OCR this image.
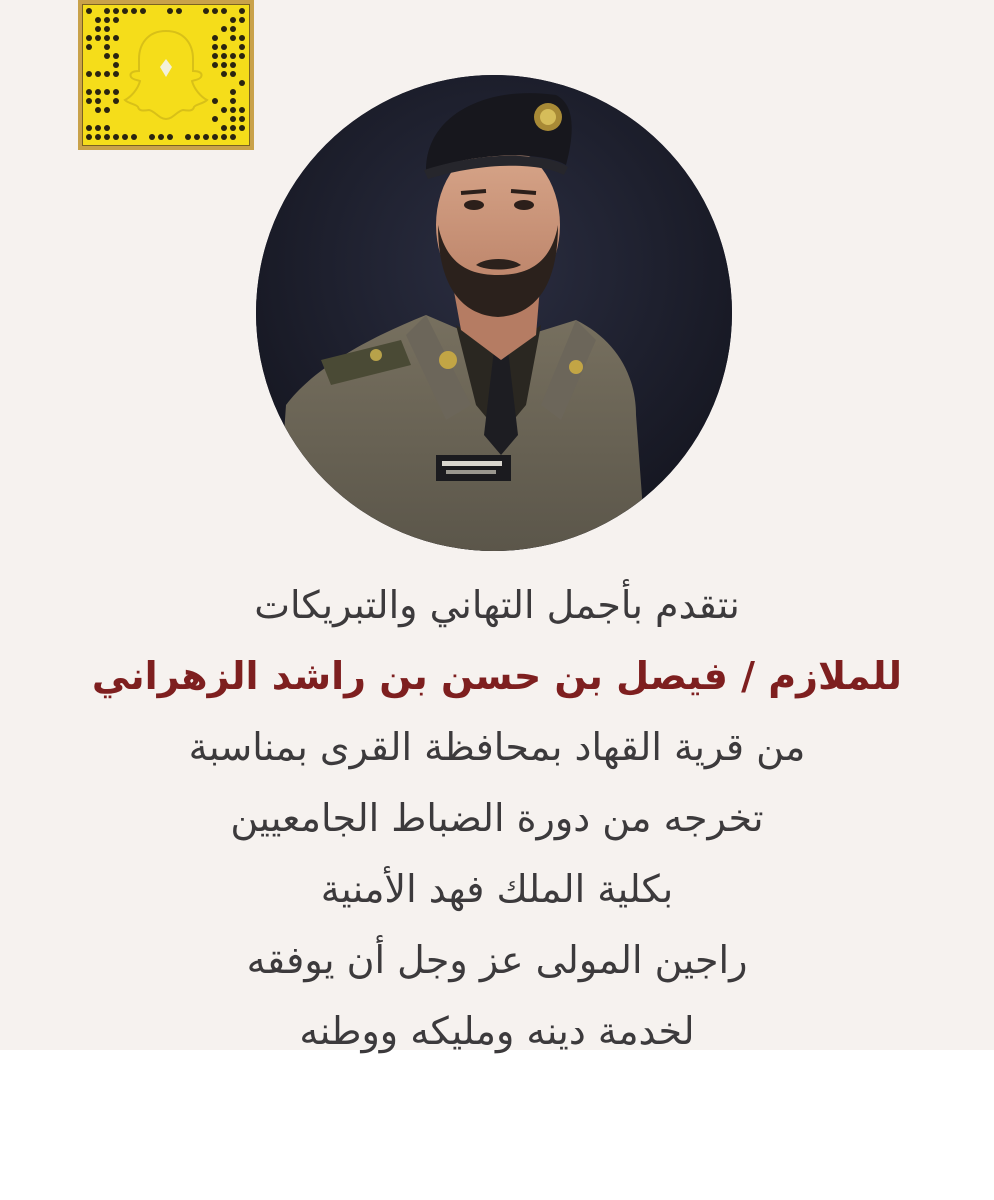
نتقدم بأجمل التهاني والتبريكات
للملازم / فيصل بن حسن بن راشد الزهراني
من قرية القهاد بمحافظة القرى بمناسبة
تخرجه من دورة الضباط الجامعيين
بكلية الملك فهد الأمنية
راجين المولى عز وجل أن يوفقه
لخدمة دينه ومليكه ووطنه
